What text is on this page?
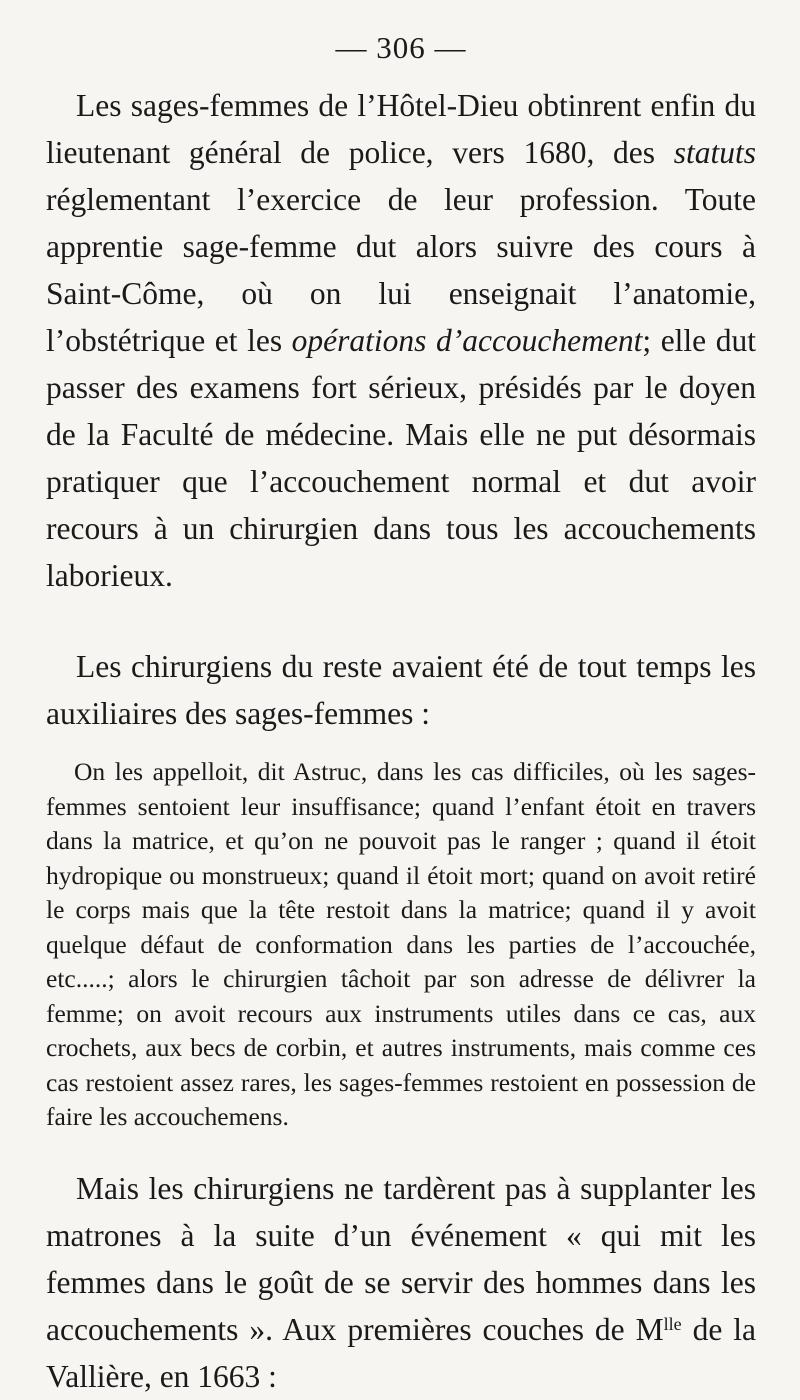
— 306 —

Les sages-femmes de l’Hôtel-Dieu obtinrent enfin du lieutenant général de police, vers 1680, des statuts réglementant l’exercice de leur profession. Toute apprentie sage-femme dut alors suivre des cours à Saint-Côme, où on lui enseignait l’anatomie, l’obstétrique et les opérations d’accouchement; elle dut passer des examens fort sérieux, présidés par le doyen de la Faculté de médecine. Mais elle ne put désormais pratiquer que l’accouchement normal et dut avoir recours à un chirurgien dans tous les accouchements laborieux.

Les chirurgiens du reste avaient été de tout temps les auxiliaires des sages-femmes :

On les appelloit, dit Astruc, dans les cas difficiles, où les sages-femmes sentoient leur insuffisance; quand l’enfant étoit en travers dans la matrice, et qu’on ne pouvoit pas le ranger ; quand il étoit hydropique ou monstrueux; quand il étoit mort; quand on avoit retiré le corps mais que la tête restoit dans la matrice; quand il y avoit quelque défaut de conformation dans les parties de l’accouchée, etc.....; alors le chirurgien tâchoit par son adresse de délivrer la femme; on avoit recours aux instruments utiles dans ce cas, aux crochets, aux becs de corbin, et autres instruments, mais comme ces cas restoient assez rares, les sages-femmes restoient en possession de faire les accouchemens.

Mais les chirurgiens ne tardèrent pas à supplanter les matrones à la suite d’un événement « qui mit les femmes dans le goût de se servir des hommes dans les accouchements ». Aux premières couches de $M^{lle}$ de la Vallière, en 1663 :
